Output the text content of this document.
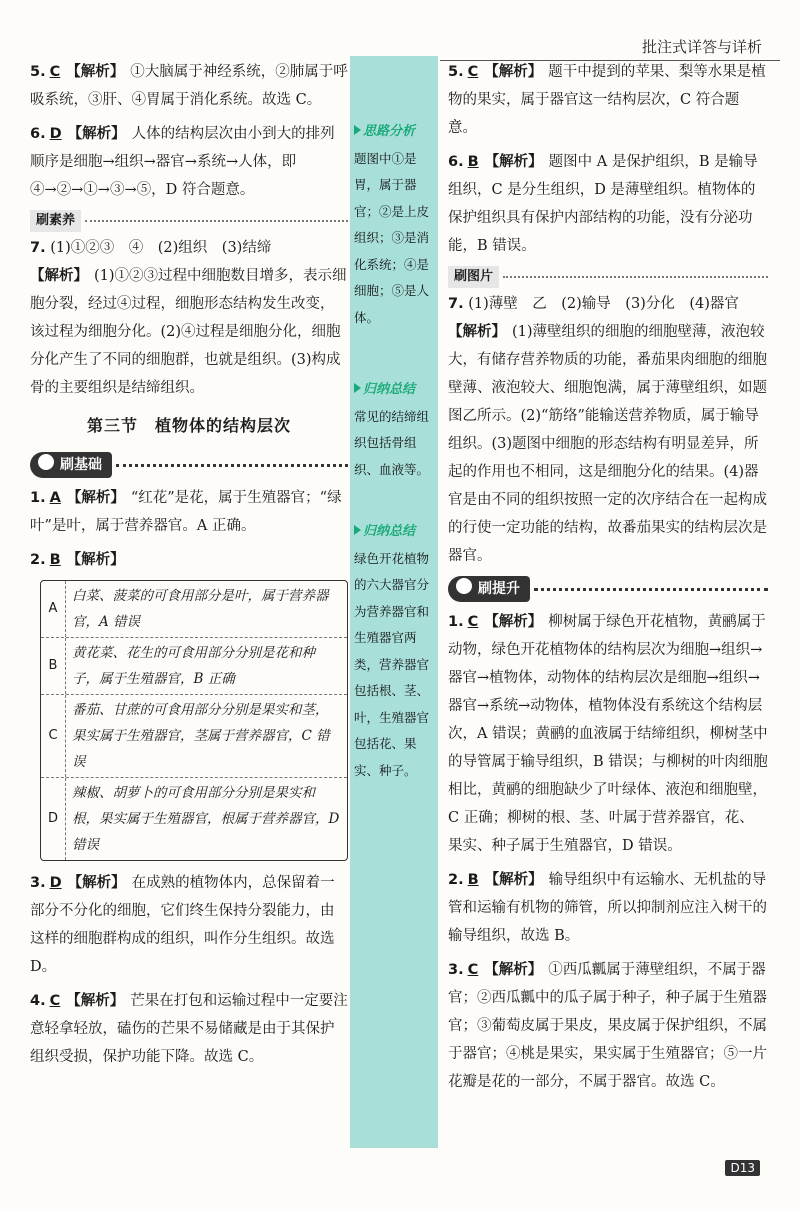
批注式详答与详析
思路分析
题图中①是胃，属于器官；②是上皮组织；③是消化系统；④是细胞；⑤是人体。
归纳总结
常见的结缔组织包括骨组织、血液等。
归纳总结
绿色开花植物的六大器官分为营养器官和生殖器官两类，营养器官包括根、茎、叶，生殖器官包括花、果实、种子。
5. C 【解析】 ①大脑属于神经系统，②肺属于呼吸系统，③肝、④胃属于消化系统。故选 C。
6. D 【解析】 人体的结构层次由小到大的排列顺序是细胞→组织→器官→系统→人体，即④→②→①→③→⑤，D 符合题意。
刷素养
7. (1)①②③　④　(2)组织　(3)结缔
【解析】 (1)①②③过程中细胞数目增多，表示细胞分裂，经过④过程，细胞形态结构发生改变，该过程为细胞分化。(2)④过程是细胞分化，细胞分化产生了不同的细胞群，也就是组织。(3)构成骨的主要组织是结缔组织。
第三节　植物体的结构层次
刷基础
1. A 【解析】 “红花”是花，属于生殖器官；“绿叶”是叶，属于营养器官。A 正确。
2. B 【解析】
A
白菜、菠菜的可食用部分是叶，属于营养器官，A 错误
B
黄花菜、花生的可食用部分分别是花和种子，属于生殖器官，B 正确
C
番茄、甘蔗的可食用部分分别是果实和茎，果实属于生殖器官，茎属于营养器官，C 错误
D
辣椒、胡萝卜的可食用部分分别是果实和根，果实属于生殖器官，根属于营养器官，D 错误
3. D 【解析】 在成熟的植物体内，总保留着一部分不分化的细胞，它们终生保持分裂能力，由这样的细胞群构成的组织，叫作分生组织。故选 D。
4. C 【解析】 芒果在打包和运输过程中一定要注意轻拿轻放，磕伤的芒果不易储藏是由于其保护组织受损，保护功能下降。故选 C。
5. C 【解析】 题干中提到的苹果、梨等水果是植物的果实，属于器官这一结构层次，C 符合题意。
6. B 【解析】 题图中 A 是保护组织，B 是输导组织，C 是分生组织，D 是薄壁组织。植物体的保护组织具有保护内部结构的功能，没有分泌功能，B 错误。
刷图片
7. (1)薄壁　乙　(2)输导　(3)分化　(4)器官
【解析】 (1)薄壁组织的细胞的细胞壁薄，液泡较大，有储存营养物质的功能，番茄果肉细胞的细胞壁薄、液泡较大、细胞饱满，属于薄壁组织，如题图乙所示。(2)“筋络”能输送营养物质，属于输导组织。(3)题图中细胞的形态结构有明显差异，所起的作用也不相同，这是细胞分化的结果。(4)器官是由不同的组织按照一定的次序结合在一起构成的行使一定功能的结构，故番茄果实的结构层次是器官。
刷提升
1. C 【解析】 柳树属于绿色开花植物，黄鹂属于动物，绿色开花植物体的结构层次为细胞→组织→器官→植物体，动物体的结构层次是细胞→组织→器官→系统→动物体，植物体没有系统这个结构层次，A 错误；黄鹂的血液属于结缔组织，柳树茎中的导管属于输导组织，B 错误；与柳树的叶肉细胞相比，黄鹂的细胞缺少了叶绿体、液泡和细胞壁，C 正确；柳树的根、茎、叶属于营养器官，花、果实、种子属于生殖器官，D 错误。
2. B 【解析】 输导组织中有运输水、无机盐的导管和运输有机物的筛管，所以抑制剂应注入树干的输导组织，故选 B。
3. C 【解析】 ①西瓜瓤属于薄壁组织，不属于器官；②西瓜瓤中的瓜子属于种子，种子属于生殖器官；③葡萄皮属于果皮，果皮属于保护组织，不属于器官；④桃是果实，果实属于生殖器官；⑤一片花瓣是花的一部分，不属于器官。故选 C。
D13
